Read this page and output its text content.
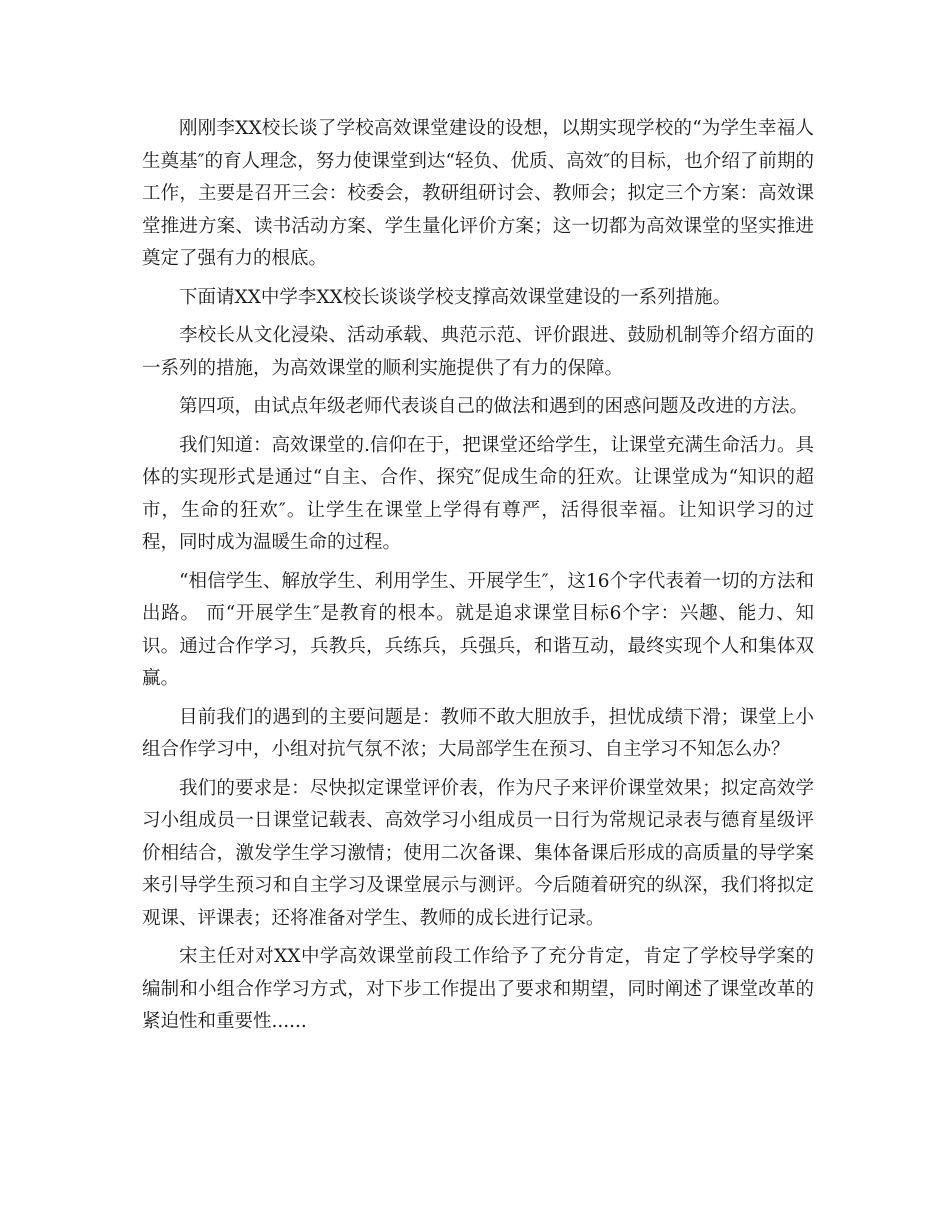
刚刚李XX校长谈了学校高效课堂建设的设想，以期实现学校的“为学生幸福人生奠基″的育人理念，努力使课堂到达“轻负、优质、高效″的目标，也介绍了前期的工作，主要是召开三会：校委会，教研组研讨会、教师会；拟定三个方案：高效课堂推进方案、读书活动方案、学生量化评价方案；这一切都为高效课堂的坚实推进奠定了强有力的根底。

下面请XX中学李XX校长谈谈学校支撑高效课堂建设的一系列措施。

李校长从文化浸染、活动承载、典范示范、评价跟进、鼓励机制等介绍方面的一系列的措施，为高效课堂的顺利实施提供了有力的保障。

第四项，由试点年级老师代表谈自己的做法和遇到的困惑问题及改进的方法。

我们知道：高效课堂的.信仰在于，把课堂还给学生，让课堂充满生命活力。具体的实现形式是通过“自主、合作、探究″促成生命的狂欢。让课堂成为“知识的超市，生命的狂欢″。让学生在课堂上学得有尊严，活得很幸福。让知识学习的过程，同时成为温暖生命的过程。

“相信学生、解放学生、利用学生、开展学生″，这16个字代表着一切的方法和出路。 而“开展学生″是教育的根本。就是追求课堂目标6个字：兴趣、能力、知识。通过合作学习，兵教兵，兵练兵，兵强兵，和谐互动，最终实现个人和集体双赢。

目前我们的遇到的主要问题是：教师不敢大胆放手，担忧成绩下滑；课堂上小组合作学习中，小组对抗气氛不浓；大局部学生在预习、自主学习不知怎么办？

我们的要求是：尽快拟定课堂评价表，作为尺子来评价课堂效果；拟定高效学习小组成员一日课堂记载表、高效学习小组成员一日行为常规记录表与德育星级评价相结合，激发学生学习激情；使用二次备课、集体备课后形成的高质量的导学案来引导学生预习和自主学习及课堂展示与测评。今后随着研究的纵深，我们将拟定观课、评课表；还将准备对学生、教师的成长进行记录。

宋主任对对XX中学高效课堂前段工作给予了充分肯定，肯定了学校导学案的编制和小组合作学习方式，对下步工作提出了要求和期望，同时阐述了课堂改革的紧迫性和重要性......
